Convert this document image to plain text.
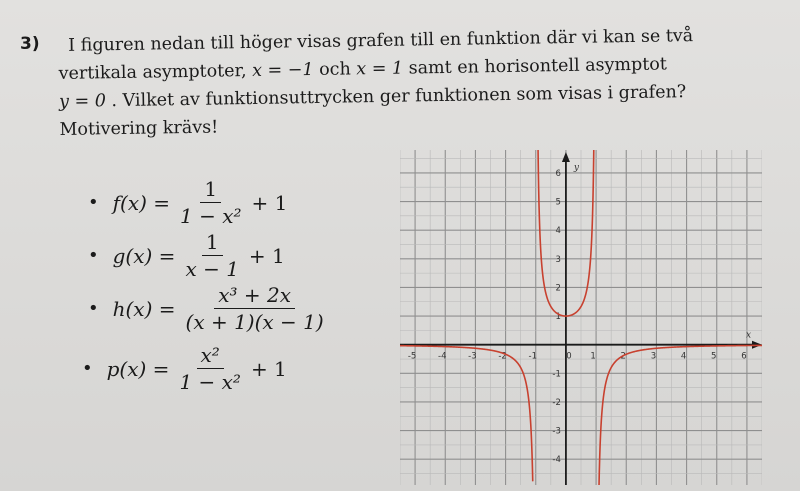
3)	I figuren nedan till höger visas grafen till en funktion där vi kan se två
vertikala asymptoter, x = −1 och x = 1 samt en horisontell asymptot
y = 0 . Vilket av funktionsuttrycken ger funktionen som visas i grafen?
Motivering krävs!
• $f(x) = \frac{1}{\text{1 − x²}} + 1$
• $g(x) = \frac{1}{x - 1} + 1$
• $h(x) = \frac{\text{x³ + 2x}}{(x + 1)(x - 1)}$
• $p(x) = \frac{\text{x²}}{\text{1 − x²}} + 1$
x
y
-5	-4	-3	-2	-1	0 1	2	3	4	5	6
6
5
4
3
2
1
-1
-2
-3
-4
